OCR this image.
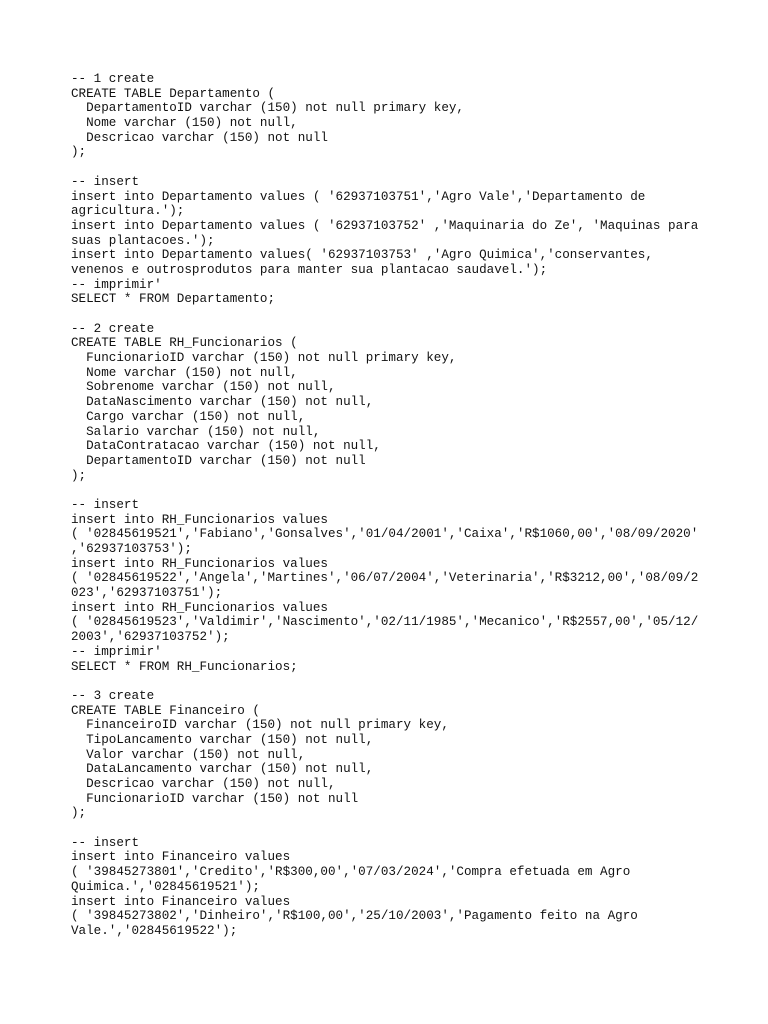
-- 1 create
CREATE TABLE Departamento (
DepartamentoID varchar (150) not null primary key,
Nome varchar (150) not null,
Descricao varchar (150) not null
);
-- insert
insert into Departamento values ( '62937103751','Agro Vale','Departamento de
agricultura.');
insert into Departamento values ( '62937103752' ,'Maquinaria do Ze', 'Maquinas para
suas plantacoes.');
insert into Departamento values( '62937103753' ,'Agro Quimica','conservantes,
venenos e outrosprodutos para manter sua plantacao saudavel.');
-- imprimir'
SELECT * FROM Departamento;
-- 2 create
CREATE TABLE RH_Funcionarios (
FuncionarioID varchar (150) not null primary key,
Nome varchar (150) not null,
Sobrenome varchar (150) not null,
DataNascimento varchar (150) not null,
Cargo varchar (150) not null,
Salario varchar (150) not null,
DataContratacao varchar (150) not null,
DepartamentoID varchar (150) not null
);
-- insert
insert into RH_Funcionarios values
( '02845619521','Fabiano','Gonsalves','01/04/2001','Caixa','R$1060,00','08/09/2020'
,'62937103753');
insert into RH_Funcionarios values
( '02845619522','Angela','Martines','06/07/2004','Veterinaria','R$3212,00','08/09/2
023','62937103751');
insert into RH_Funcionarios values
( '02845619523','Valdimir','Nascimento','02/11/1985','Mecanico','R$2557,00','05/12/
2003','62937103752');
-- imprimir'
SELECT * FROM RH_Funcionarios;
-- 3 create
CREATE TABLE Financeiro (
FinanceiroID varchar (150) not null primary key,
TipoLancamento varchar (150) not null,
Valor varchar (150) not null,
DataLancamento varchar (150) not null,
Descricao varchar (150) not null,
FuncionarioID varchar (150) not null
);
-- insert
insert into Financeiro values
( '39845273801','Credito','R$300,00','07/03/2024','Compra efetuada em Agro
Quimica.','02845619521');
insert into Financeiro values
( '39845273802','Dinheiro','R$100,00','25/10/2003','Pagamento feito na Agro
Vale.','02845619522');
